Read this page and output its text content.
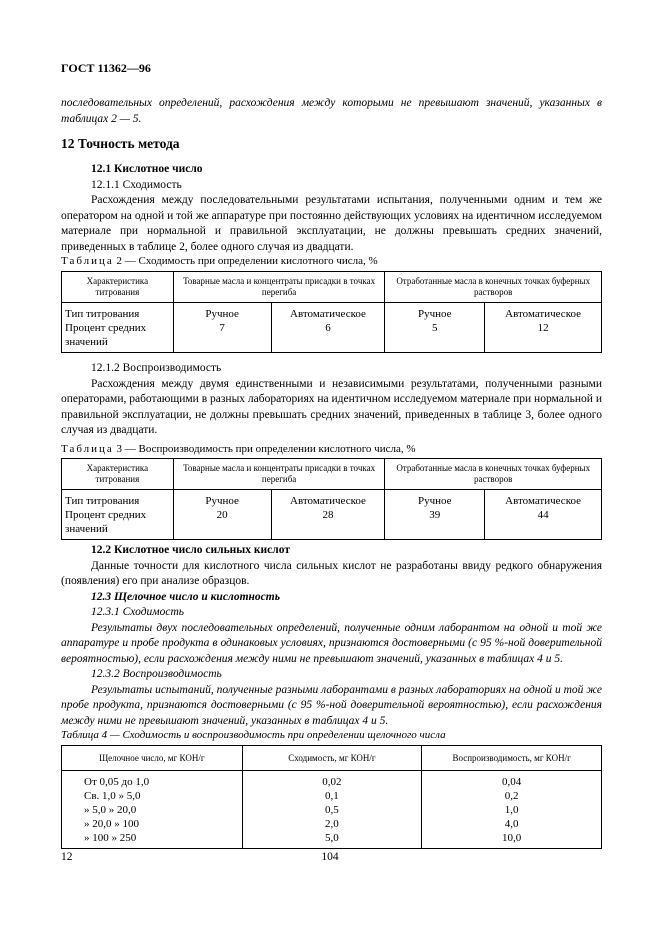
ГОСТ 11362—96

последовательных определений, расхождения между которыми не превышают значений, указанных в таблицах 2 — 5.

12 Точность метода

12.1 Кислотное число

12.1.1 Сходимость

Расхождения между последовательными результатами испытания, полученными одним и тем же оператором на одной и той же аппаратуре при постоянно действующих условиях на идентичном исследуемом материале при нормальной и правильной эксплуатации, не должны превышать средних значений, приведенных в таблице 2, более одного случая из двадцати.

Таблица 2 — Сходимость при определении кислотного числа, %
Характеристика титрования	Товарные масла и концентраты присадки в точках перегиба		Отработанные масла в конечных точках буферных растворов	
Тип титрования	Ручное	Автоматическое	Ручное	Автоматическое
Процент средних значений	7	6	5	12

12.1.2 Воспроизводимость

Расхождения между двумя единственными и независимыми результатами, полученными разными операторами, работающими в разных лабораториях на идентичном исследуемом материале при нормальной и правильной эксплуатации, не должны превышать средних значений, приведенных в таблице 3, более одного случая из двадцати.

Таблица 3 — Воспроизводимость при определении кислотного числа, %
Характеристика титрования	Товарные масла и концентраты присадки в точках перегиба		Отработанные масла в конечных точках буферных растворов	
Тип титрования	Ручное	Автоматическое	Ручное	Автоматическое
Процент средних значений	20	28	39	44

12.2 Кислотное число сильных кислот

Данные точности для кислотного числа сильных кислот не разработаны ввиду редкого обнаружения (появления) его при анализе образцов.

12.3 Щелочное число и кислотность

12.3.1 Сходимость

Результаты двух последовательных определений, полученные одним лаборантом на одной и той же аппаратуре и пробе продукта в одинаковых условиях, признаются достоверными (с 95 %-ной доверительной вероятностью), если расхождения между ними не превышают значений, указанных в таблицах 4 и 5.

12.3.2 Воспроизводимость

Результаты испытаний, полученные разными лаборантами в разных лабораториях на одной и той же пробе продукта, признаются достоверными (с 95 %-ной доверительной вероятностью), если расхождения между ними не превышают значений, указанных в таблицах 4 и 5.

Таблица 4 — Сходимость и воспроизводимость при определении щелочного числа
Щелочное число, мг КОН/г	Сходимость, мг КОН/г	Воспроизводимость, мг КОН/г
От 0,05 до 1,0	0,02	0,04
Св. 1,0 » 5,0	0,1	0,2
» 5,0 » 20,0	0,5	1,0
» 20,0 » 100	2,0	4,0
» 100 » 250	5,0	10,0
12	104
